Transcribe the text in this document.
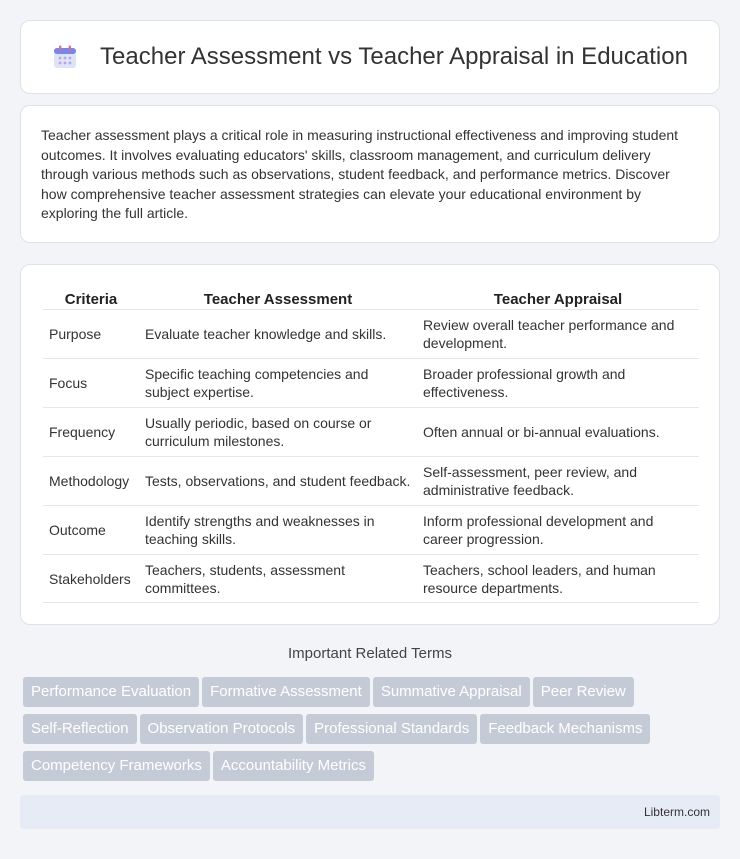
Teacher Assessment vs Teacher Appraisal in Education

Teacher assessment plays a critical role in measuring instructional effectiveness and improving student outcomes. It involves evaluating educators' skills, classroom management, and curriculum delivery through various methods such as observations, student feedback, and performance metrics. Discover how comprehensive teacher assessment strategies can elevate your educational environment by exploring the full article.

Criteria	Teacher Assessment	Teacher Appraisal
Purpose	Evaluate teacher knowledge and skills.	Review overall teacher performance and development.
Focus	Specific teaching competencies and subject expertise.	Broader professional growth and effectiveness.
Frequency	Usually periodic, based on course or curriculum milestones.	Often annual or bi-annual evaluations.
Methodology	Tests, observations, and student feedback.	Self-assessment, peer review, and administrative feedback.
Outcome	Identify strengths and weaknesses in teaching skills.	Inform professional development and career progression.
Stakeholders	Teachers, students, assessment committees.	Teachers, school leaders, and human resource departments.
Important Related Terms
Performance Evaluation	Formative Assessment	Summative Appraisal	Peer Review
Self-Reflection	Observation Protocols	Professional Standards	Feedback Mechanisms
Competency Frameworks	Accountability Metrics
Libterm.com
